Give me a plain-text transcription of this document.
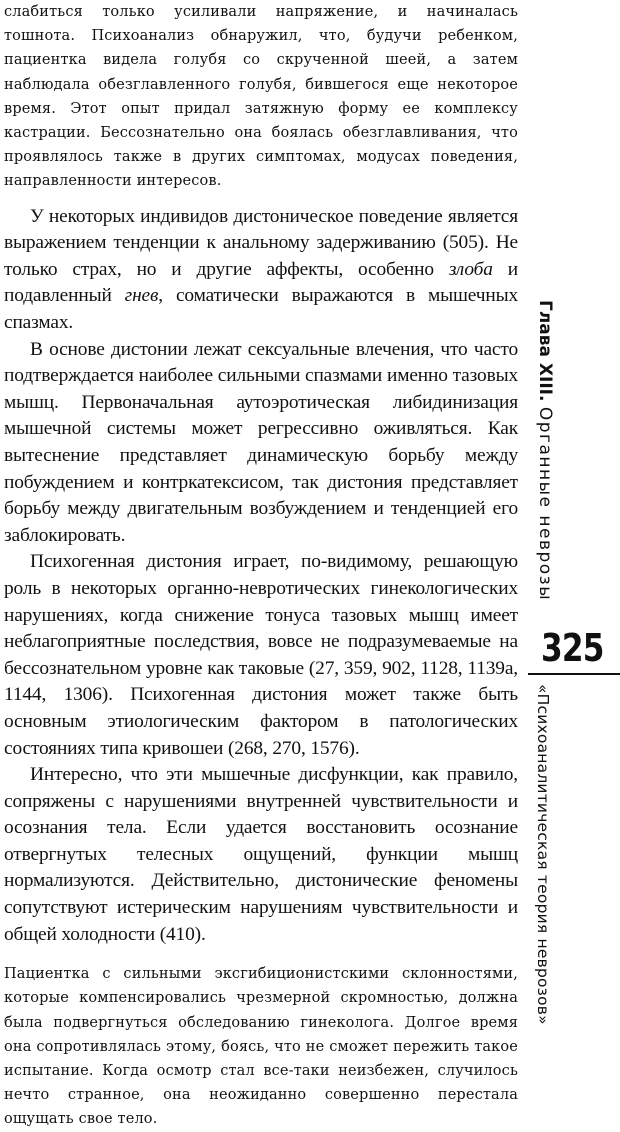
слабиться только усиливали напряжение, и начиналась тошнота. Психоанализ обнаружил, что, будучи ребенком, пациентка видела голубя со скрученной шеей, а затем наблюдала обезглавленного голубя, бившегося еще некоторое время. Этот опыт придал затяжную форму ее комплексу кастрации. Бессознательно она боялась обезглавливания, что проявлялось также в других симптомах, модусах поведения, направленности интересов.

У некоторых индивидов дистоническое поведение является выражением тенденции к анальному задерживанию (505). Не только страх, но и другие аффекты, особенно злоба и подавленный гнев, соматически выражаются в мышечных спазмах.

В основе дистонии лежат сексуальные влечения, что часто подтверждается наиболее сильными спазмами именно тазовых мышц. Первоначальная аутоэротическая либидинизация мышечной системы может регрессивно оживляться. Как вытеснение представляет динамическую борьбу между побуждением и контркатексисом, так дистония представляет борьбу между двигательным возбуждением и тенденцией его заблокировать.

Психогенная дистония играет, по-видимому, решающую роль в некоторых органно-невротических гинекологических нарушениях, когда снижение тонуса тазовых мышц имеет неблагоприятные последствия, вовсе не подразумеваемые на бессознательном уровне как таковые (27, 359, 902, 1128, 1139а, 1144, 1306). Психогенная дистония может также быть основным этиологическим фактором в патологических состояниях типа кривошеи (268, 270, 1576).

Интересно, что эти мышечные дисфункции, как правило, сопряжены с нарушениями внутренней чувствительности и осознания тела. Если удается восстановить осознание отвергнутых телесных ощущений, функции мышц нормализуются. Действительно, дистонические феномены сопутствуют истерическим нарушениям чувствительности и общей холодности (410).

Пациентка с сильными эксгибиционистскими склонностями, которые компенсировались чрезмерной скромностью, должна была подвергнуться обследованию гинеколога. Долгое время она сопротивлялась этому, боясь, что не сможет пережить такое испытание. Когда осмотр стал все-таки неизбежен, случилось нечто странное, она неожиданно совершенно перестала ощущать свое тело.

Глава XIII. Органные неврозы
325
«Психоаналитическая теория неврозов»
